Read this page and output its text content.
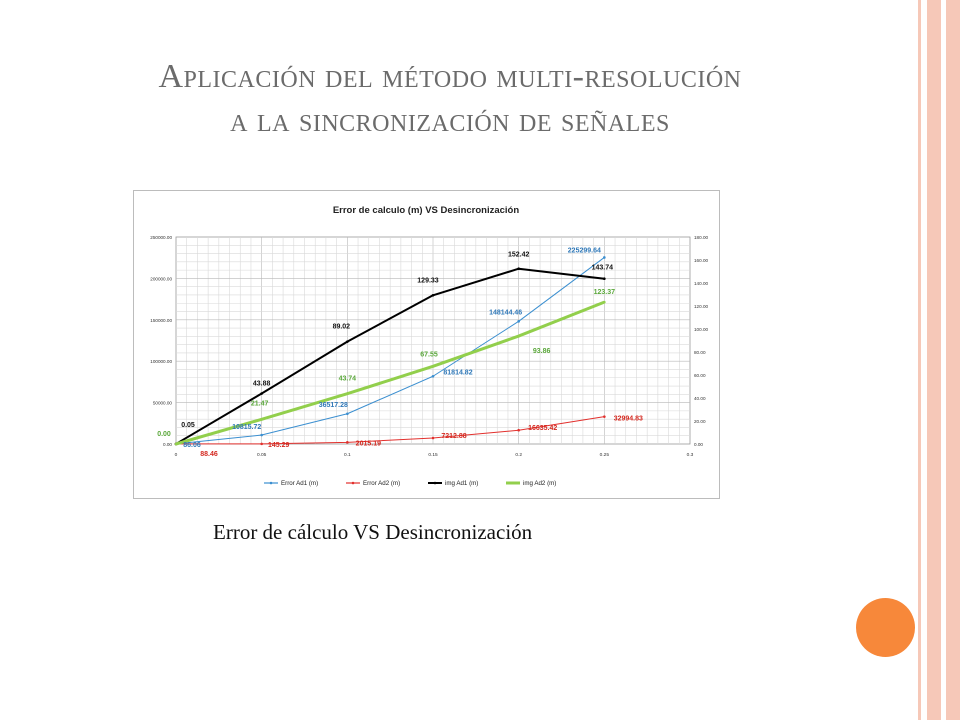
Aplicación del método multi-resolución
a la sincronización de señales
Error de calculo (m) VS Desincronización
0.00
50000.00
100000.00
150000.00
200000.00
250000.00
0.00
20.00
40.00
60.00
80.00
100.00
120.00
140.00
160.00
180.00
0	0.05	0.1	0.15	0.2	0.25	0.3
86.06
10815.72
36517.28
81814.82
148144.46
225299.64
88.46
145.29	2015.19
7212.88
16635.42
32994.83
0.05
43.88
89.02
129.33
152.42
143.74
0.00
21.47
43.74
67.55	93.86
123.37
Error Ad1 (m)	Error Ad2 (m)	img Ad1 (m)	img Ad2 (m)
Error de cálculo VS Desincronización
